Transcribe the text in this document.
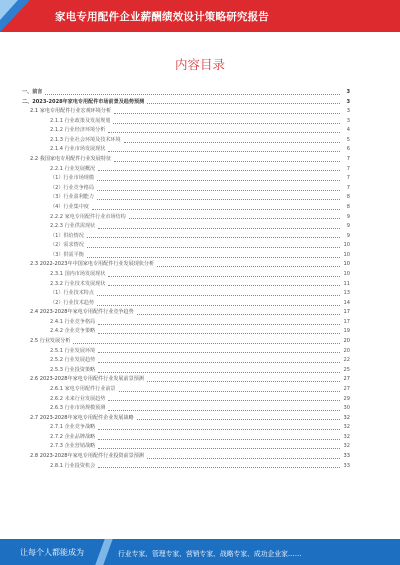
家电专用配件企业薪酬绩效设计策略研究报告
内容目录
一、前言	3
二、2023-2028年家电专用配件市场前景及趋势预测	3
2.1 家电专用配件行业宏观环境分析	3
2.1.1 行业政策及发展规划	3
2.1.2 行业经济环境分析	4
2.1.3 行业社会环境及技术环境	5
2.1.4 行业市场发展现状	6
2.2 我国家电专用配件行业发展特征	7
2.2.1 行业发展概况	7
（1）行业市场规模	7
（2）行业竞争格局	7
（3）行业盈利能力	8
（4）行业集中度	8
2.2.2 家电专用配件行业市场结构	9
2.2.3 行业供需现状	9
（1）供给情况	9
（2）需求情况	10
（3）供需平衡	10
2.3 2022-2023年中国家电专用配件行业发展现状分析	10
2.3.1 国内市场发展现状	10
2.3.2 行业技术发展现状	11
（1）行业技术特点	13
（2）行业技术趋势	14
2.4 2023-2028年家电专用配件行业竞争趋势	17
2.4.1 行业竞争格局	17
2.4.2 企业竞争策略	19
2.5 行业发展分析	20
2.5.1 行业发展环境	20
2.5.2 行业发展趋势	22
2.5.3 行业投资策略	25
2.6 2023-2028年家电专用配件行业发展前景预测	27
2.6.1 家电专用配件行业前景	27
2.6.2 未来行业发展趋势	29
2.6.3 行业市场规模预测	30
2.7 2023-2028年家电专用配件企业发展战略	32
2.7.1 企业竞争战略	32
2.7.2 企业品牌战略	32
2.7.3 企业营销战略	32
2.8 2023-2028年家电专用配件行业投资前景预测	33
2.8.1 行业投资机会	33
让每个人都能成为	行业专家、管理专家、营销专家、战略专家、成功企业家……
